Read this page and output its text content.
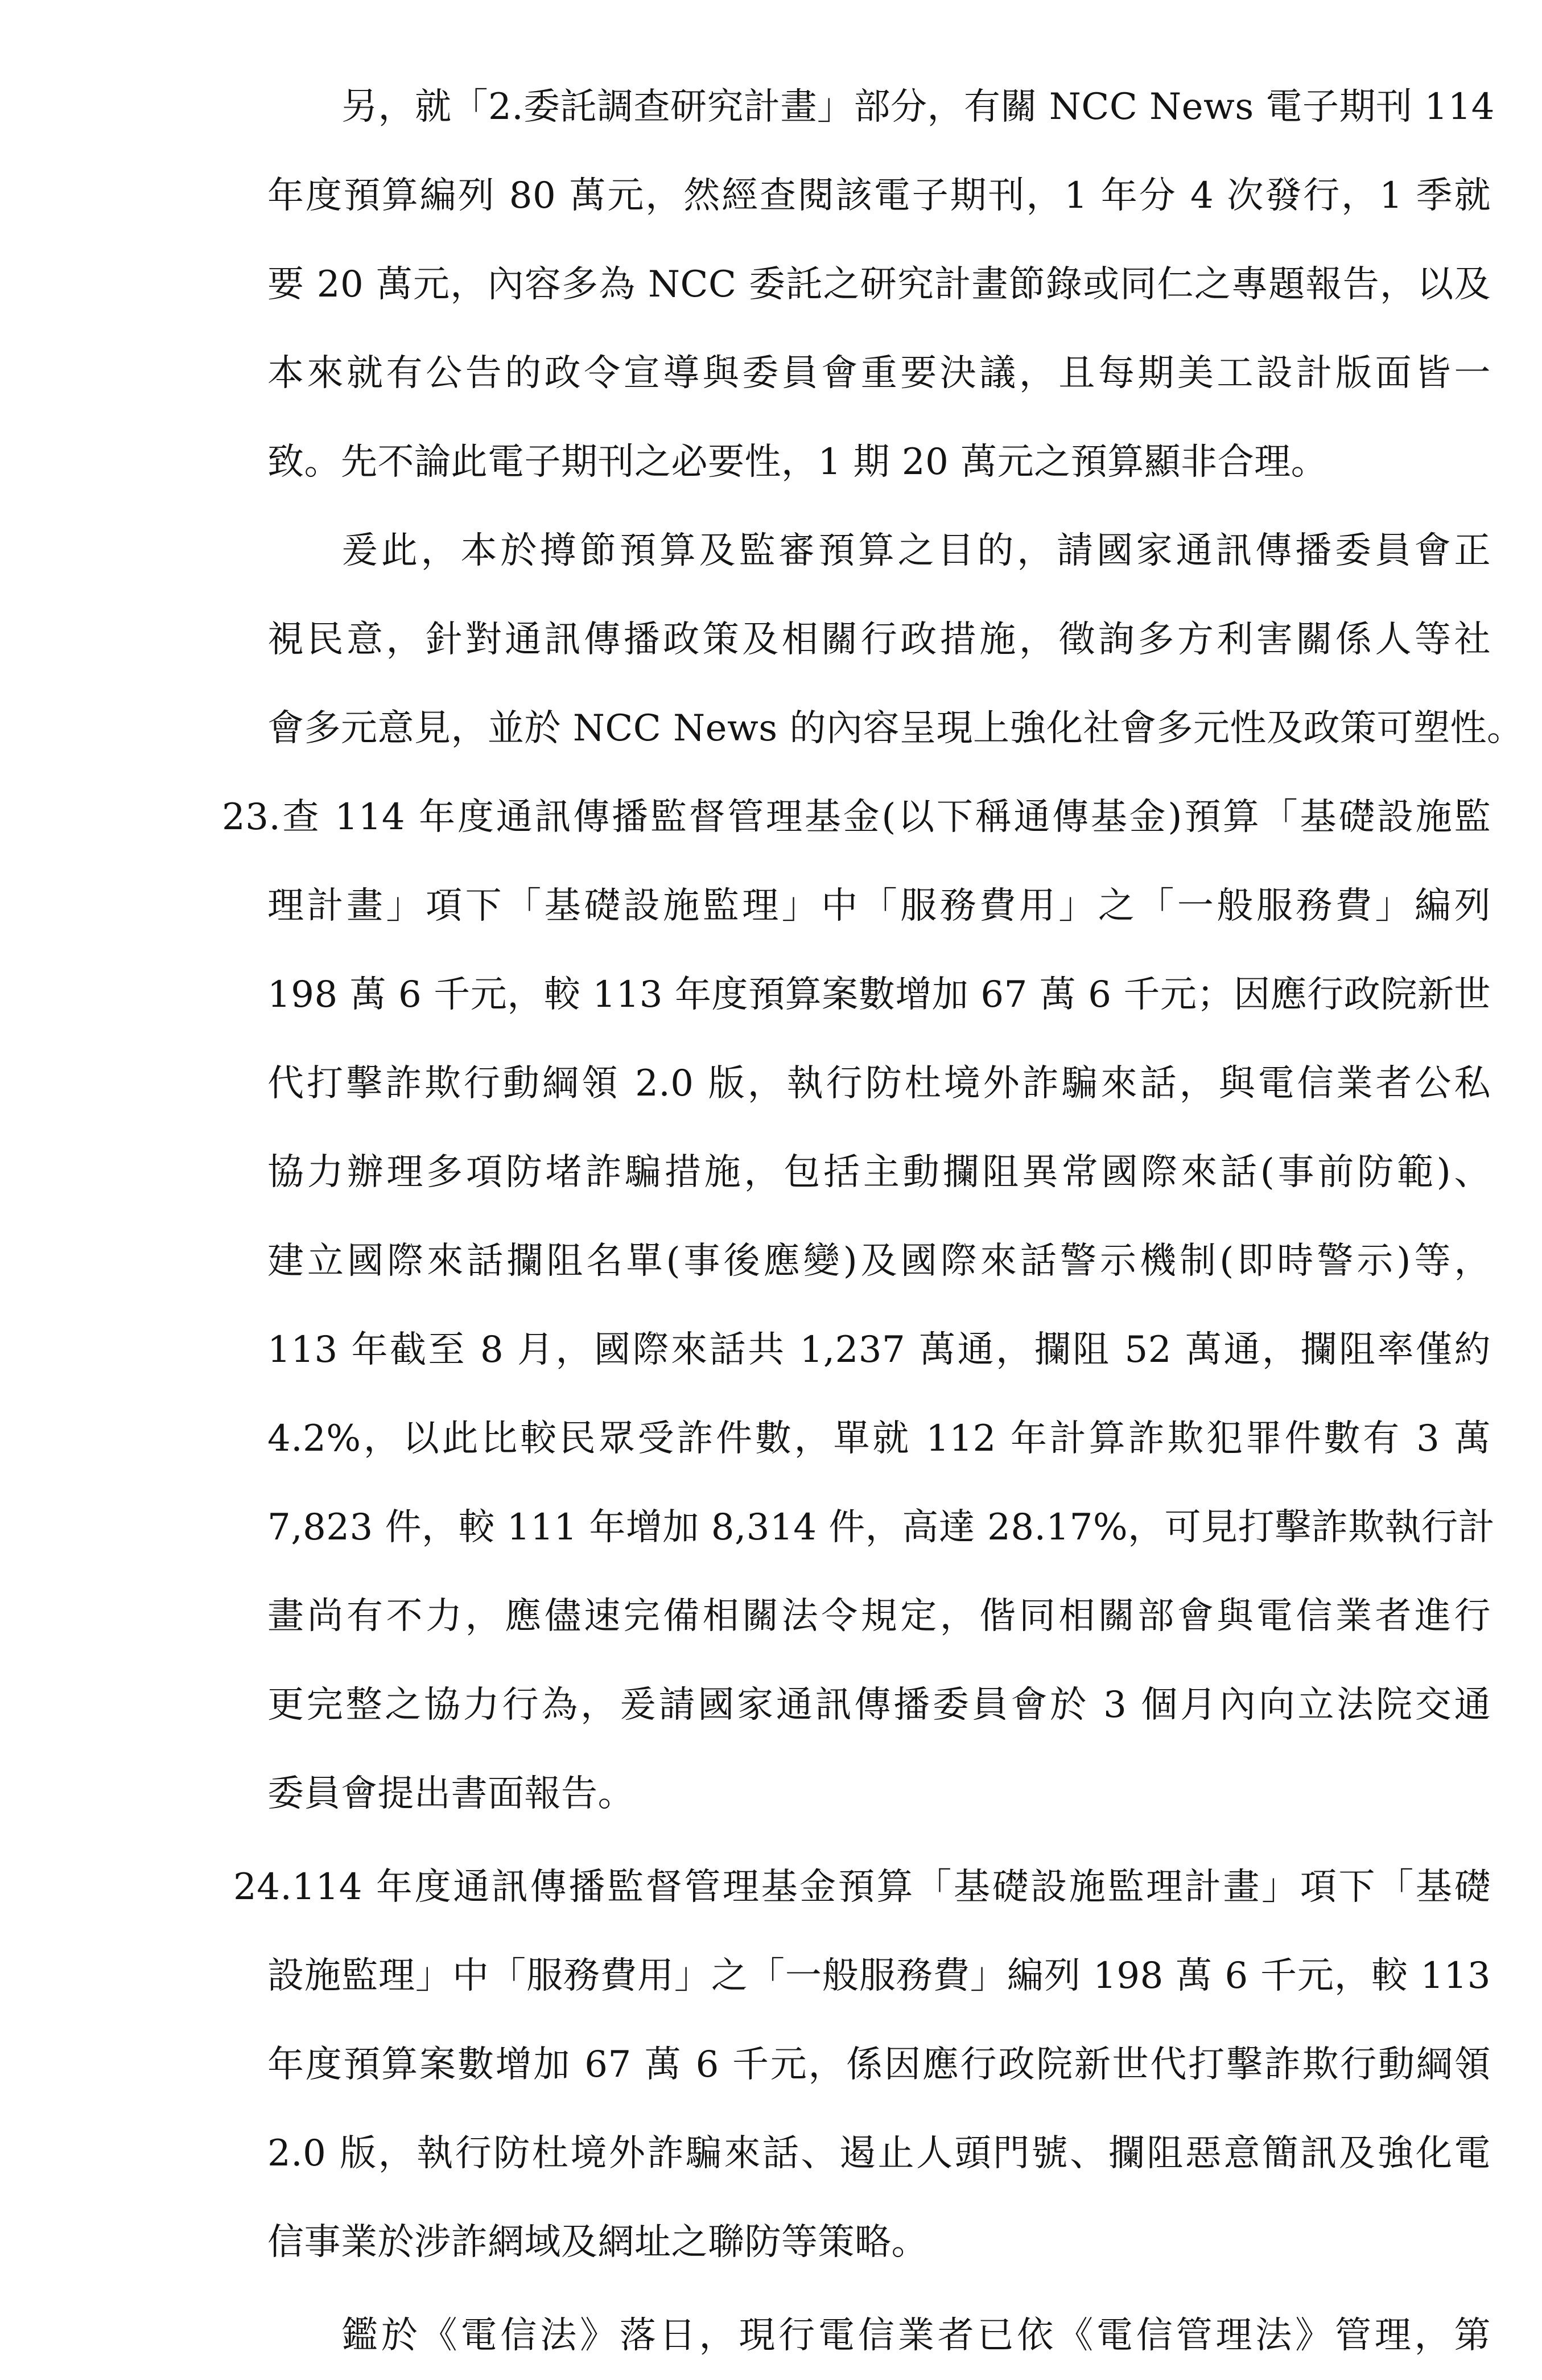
另，就「2.委託調查研究計畫」部分，有關 NCC News 電子期刊 114
年度預算編列 80 萬元，然經查閱該電子期刊，1 年分 4 次發行，1 季就
要 20 萬元，內容多為 NCC 委託之研究計畫節錄或同仁之專題報告，以及
本來就有公告的政令宣導與委員會重要決議，且每期美工設計版面皆一
致。先不論此電子期刊之必要性，1 期 20 萬元之預算顯非合理。
爰此，本於撙節預算及監審預算之目的，請國家通訊傳播委員會正
視民意，針對通訊傳播政策及相關行政措施，徵詢多方利害關係人等社
會多元意見，並於 NCC News 的內容呈現上強化社會多元性及政策可塑性。
23.查 114 年度通訊傳播監督管理基金(以下稱通傳基金)預算「基礎設施監
理計畫」項下「基礎設施監理」中「服務費用」之「一般服務費」編列
198 萬 6 千元，較 113 年度預算案數增加 67 萬 6 千元；因應行政院新世
代打擊詐欺行動綱領 2.0 版，執行防杜境外詐騙來話，與電信業者公私
協力辦理多項防堵詐騙措施，包括主動攔阻異常國際來話(事前防範)、
建立國際來話攔阻名單(事後應變)及國際來話警示機制(即時警示)等，
113 年截至 8 月，國際來話共 1,237 萬通，攔阻 52 萬通，攔阻率僅約
4.2%，以此比較民眾受詐件數，單就 112 年計算詐欺犯罪件數有 3 萬
7,823 件，較 111 年增加 8,314 件，高達 28.17%，可見打擊詐欺執行計
畫尚有不力，應儘速完備相關法令規定，偕同相關部會與電信業者進行
更完整之協力行為，爰請國家通訊傳播委員會於 3 個月內向立法院交通
委員會提出書面報告。
24.114 年度通訊傳播監督管理基金預算「基礎設施監理計畫」項下「基礎
設施監理」中「服務費用」之「一般服務費」編列 198 萬 6 千元，較 113
年度預算案數增加 67 萬 6 千元，係因應行政院新世代打擊詐欺行動綱領
2.0 版，執行防杜境外詐騙來話、遏止人頭門號、攔阻惡意簡訊及強化電
信事業於涉詐網域及網址之聯防等策略。
鑑於《電信法》落日，現行電信業者已依《電信管理法》管理，第
